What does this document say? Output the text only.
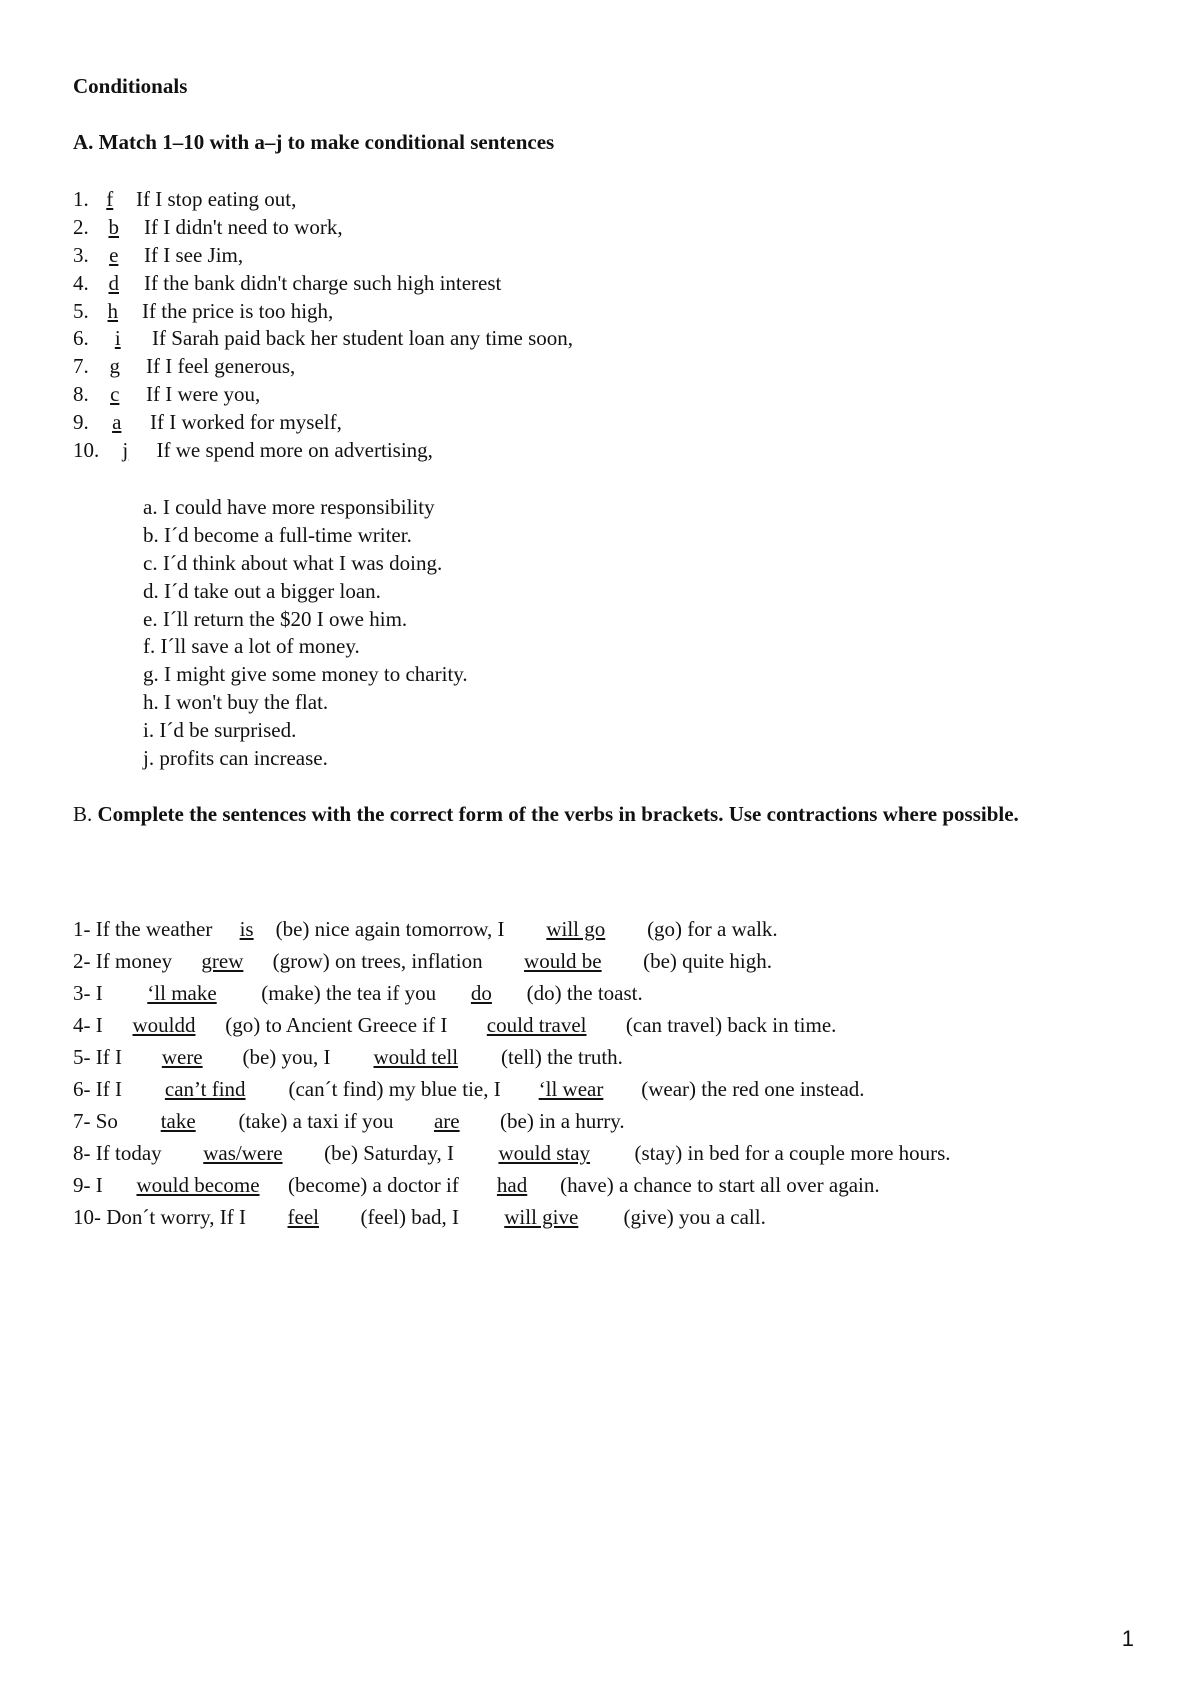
Conditionals
A. Match 1–10 with a–j to make conditional sentences
1. f If I stop eating out,
2. b If I didn't need to work,
3. e If I see Jim,
4. d If the bank didn't charge such high interest
5. h If the price is too high,
6. i If Sarah paid back her student loan any time soon,
7. g If I feel generous,
8. c If I were you,
9. a If I worked for myself,
10. j If we spend more on advertising,
a. I could have more responsibility
b. I´d become a full-time writer.
c. I´d think about what I was doing.
d. I´d take out a bigger loan.
e. I´ll return the $20 I owe him.
f. I´ll save a lot of money.
g. I might give some money to charity.
h. I won't buy the flat.
i. I´d be surprised.
j. profits can increase.
B. Complete the sentences with the correct form of the verbs in brackets. Use contractions where possible.
1- If the weather is (be) nice again tomorrow, I will go (go) for a walk.
2- If money grew (grow) on trees, inflation would be (be) quite high.
3- I ‘ll make (make) the tea if you do (do) the toast.
4- I wouldd (go) to Ancient Greece if I could travel (can travel) back in time.
5- If I were (be) you, I would tell (tell) the truth.
6- If I can’t find (can´t find) my blue tie, I ‘ll wear (wear) the red one instead.
7- So take (take) a taxi if you are (be) in a hurry.
8- If today was/were (be) Saturday, I would stay (stay) in bed for a couple more hours.
9- I would become (become) a doctor if had (have) a chance to start all over again.
10- Don´t worry, If I feel (feel) bad, I will give (give) you a call.
1
